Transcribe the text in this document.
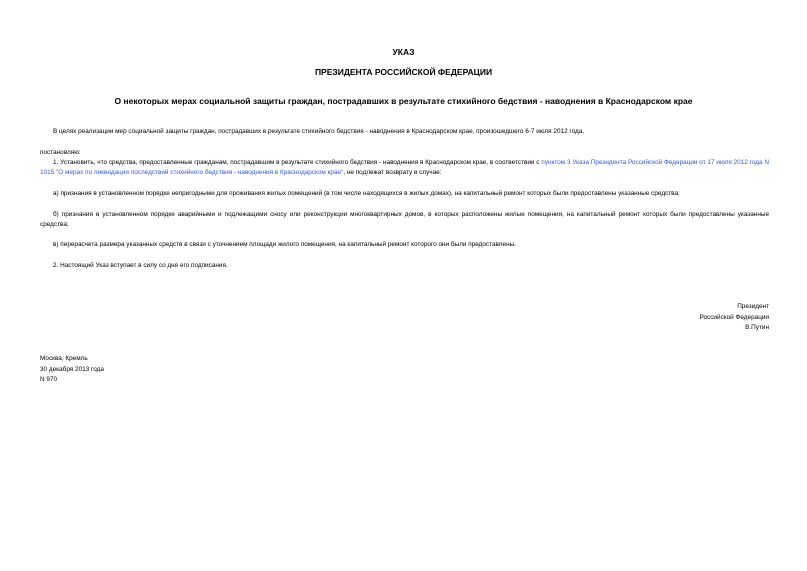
УКАЗ
ПРЕЗИДЕНТА РОССИЙСКОЙ ФЕДЕРАЦИИ
О некоторых мерах социальной защиты граждан, пострадавших в результате стихийного бедствия - наводнения в Краснодарском крае
В целях реализации мер социальной защиты граждан, пострадавших в результате стихийного бедствия - наводнения в Краснодарском крае, произошедшего 6-7 июля 2012 года,
постановляю:
1. Установить, что средства, предоставленные гражданам, пострадавшим в результате стихийного бедствия - наводнения в Краснодарском крае, в соответствии с пунктом 3 Указа Президента Российской Федерации от 17 июля 2012 года N 1015 "О мерах по ликвидации последствий стихийного бедствия - наводнения в Краснодарском крае", не подлежат возврату в случае:
а) признания в установленном порядке непригодными для проживания жилых помещений (в том числе находящихся в жилых домах), на капитальный ремонт которых были предоставлены указанные средства;
б) признания в установленном порядке аварийными и подлежащими сносу или реконструкции многоквартирных домов, в которых расположены жилые помещения, на капитальный ремонт которых были предоставлены указанные средства;
в) перерасчета размера указанных средств в связи с уточнением площади жилого помещения, на капитальный ремонт которого они были предоставлены.
2. Настоящий Указ вступает в силу со дня его подписания.
Президент
Российской Федерации
В.Путин
Москва, Кремль
30 декабря 2013 года
N 970
